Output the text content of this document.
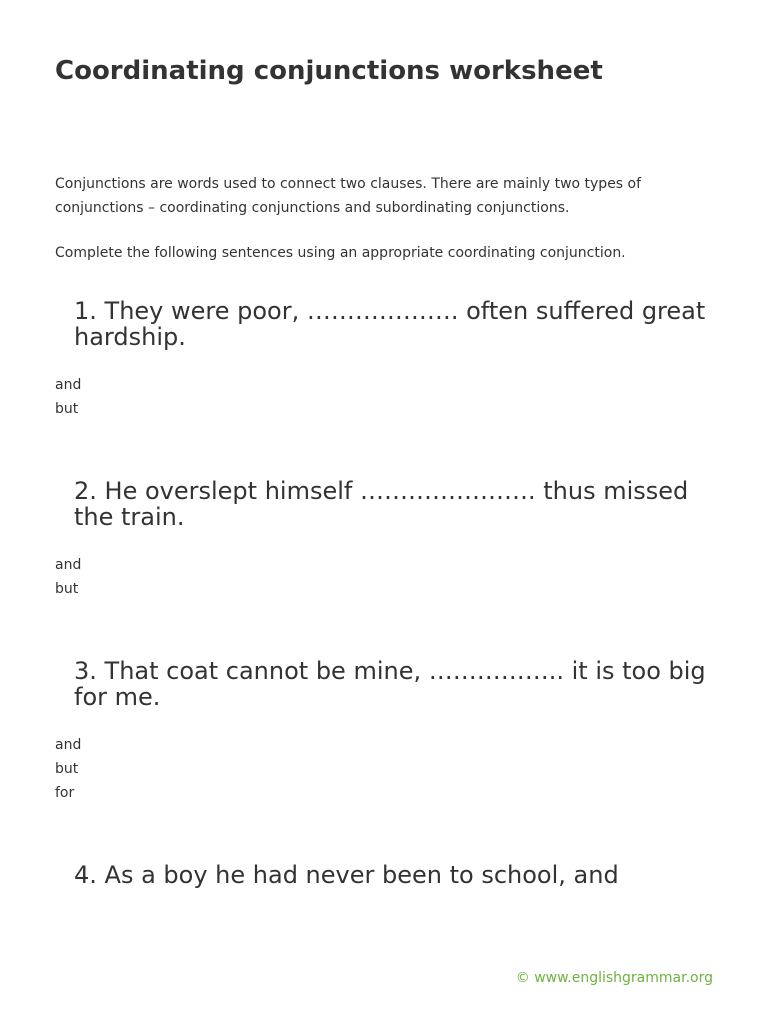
Coordinating conjunctions worksheet

Conjunctions are words used to connect two clauses. There are mainly two types of conjunctions – coordinating conjunctions and subordinating conjunctions.

Complete the following sentences using an appropriate coordinating conjunction.

1. They were poor, ………………. often suffered great hardship.
and
but
2. He overslept himself …………………. thus missed the train.
and
but
3. That coat cannot be mine, …………….. it is too big for me.
and
but
for
4. As a boy he had never been to school, and
© www.englishgrammar.org
